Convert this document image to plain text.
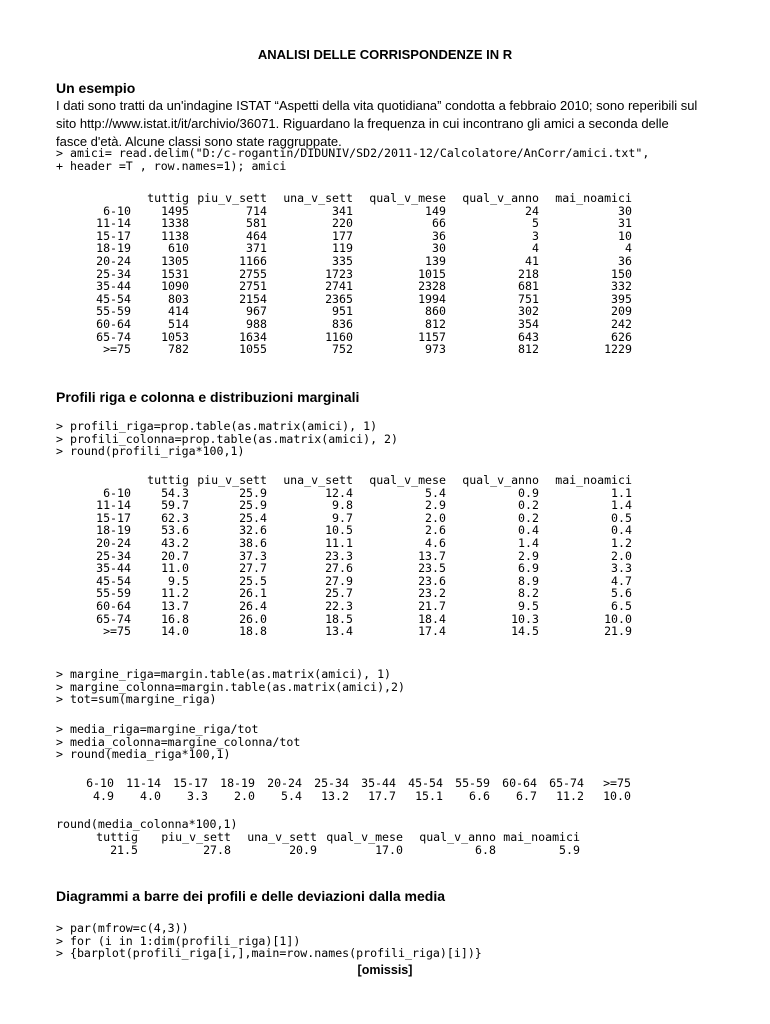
ANALISI DELLE CORRISPONDENZE IN R
Un esempio
I dati sono tratti da un'indagine ISTAT “Aspetti della vita quotidiana” condotta a febbraio 2010; sono reperibili sul
sito http://www.istat.it/it/archivio/36071. Riguardano la frequenza in cui incontrano gli amici a seconda delle
fasce d'età. Alcune classi sono state raggruppate.
> amici= read.delim("D:/c-rogantin/DIDUNIV/SD2/2011-12/Calcolatore/AnCorr/amici.txt",
+ header =T , row.names=1); amici
	tuttig	piu_v_sett	una_v_sett	qual_v_mese	qual_v_anno	mai_noamici
6-10	1495	714	341	149	24	30
11-14	1338	581	220	66	5	31
15-17	1138	464	177	36	3	10
18-19	610	371	119	30	4	4
20-24	1305	1166	335	139	41	36
25-34	1531	2755	1723	1015	218	150
35-44	1090	2751	2741	2328	681	332
45-54	803	2154	2365	1994	751	395
55-59	414	967	951	860	302	209
60-64	514	988	836	812	354	242
65-74	1053	1634	1160	1157	643	626
>=75	782	1055	752	973	812	1229
Profili riga e colonna e distribuzioni marginali
> profili_riga=prop.table(as.matrix(amici), 1)
> profili_colonna=prop.table(as.matrix(amici), 2)
> round(profili_riga*100,1)
	tuttig	piu_v_sett	una_v_sett	qual_v_mese	qual_v_anno	mai_noamici
6-10	54.3	25.9	12.4	5.4	0.9	1.1
11-14	59.7	25.9	9.8	2.9	0.2	1.4
15-17	62.3	25.4	9.7	2.0	0.2	0.5
18-19	53.6	32.6	10.5	2.6	0.4	0.4
20-24	43.2	38.6	11.1	4.6	1.4	1.2
25-34	20.7	37.3	23.3	13.7	2.9	2.0
35-44	11.0	27.7	27.6	23.5	6.9	3.3
45-54	9.5	25.5	27.9	23.6	8.9	4.7
55-59	11.2	26.1	25.7	23.2	8.2	5.6
60-64	13.7	26.4	22.3	21.7	9.5	6.5
65-74	16.8	26.0	18.5	18.4	10.3	10.0
>=75	14.0	18.8	13.4	17.4	14.5	21.9
> margine_riga=margin.table(as.matrix(amici), 1)
> margine_colonna=margin.table(as.matrix(amici),2)
> tot=sum(margine_riga)
> media_riga=margine_riga/tot
> media_colonna=margine_colonna/tot
> round(media_riga*100,1)
6-10	11-14	15-17	18-19	20-24	25-34	35-44	45-54	55-59	60-64	65-74	>=75
4.9	4.0	3.3	2.0	5.4	13.2	17.7	15.1	6.6	6.7	11.2	10.0
round(media_colonna*100,1)
tuttig	piu_v_sett	una_v_sett	qual_v_mese	qual_v_anno	mai_noamici
21.5	27.8	20.9	17.0	6.8	5.9
Diagrammi a barre dei profili e delle deviazioni dalla media
> par(mfrow=c(4,3))
> for (i in 1:dim(profili_riga)[1])
> {barplot(profili_riga[i,],main=row.names(profili_riga)[i])}
[omissis]
